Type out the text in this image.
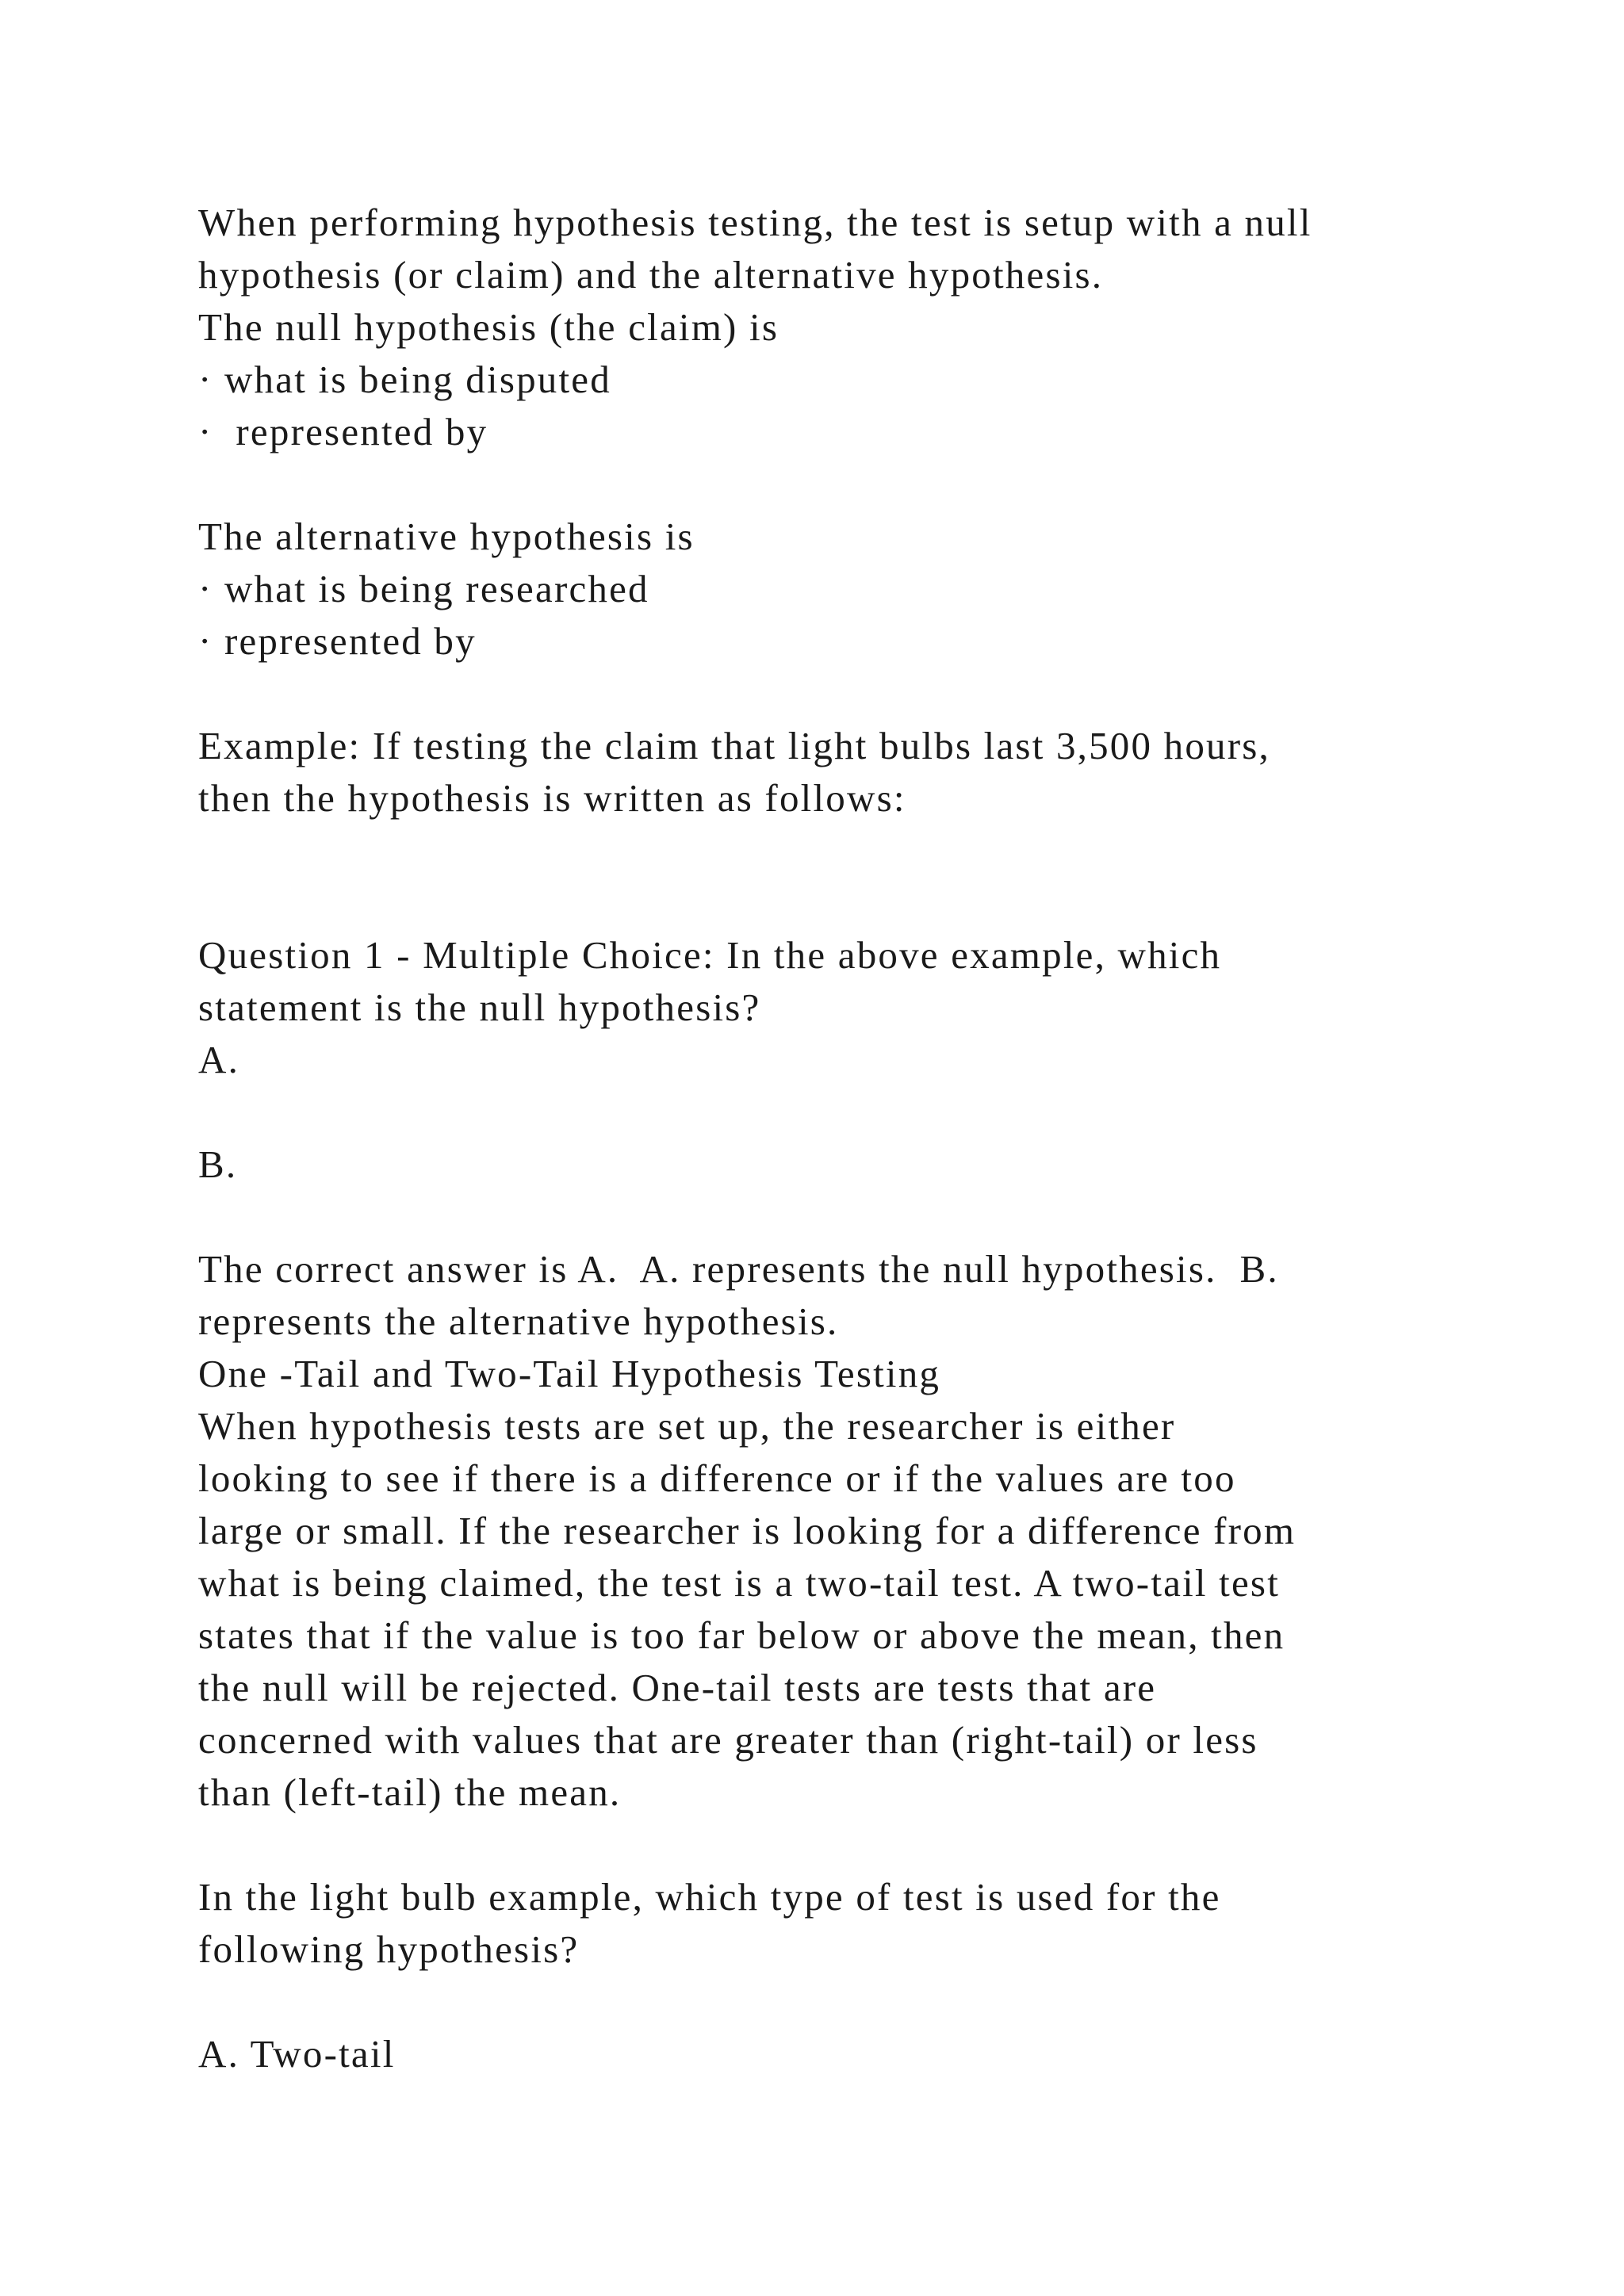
When performing hypothesis testing, the test is setup with a null
hypothesis (or claim) and the alternative hypothesis.
The null hypothesis (the claim) is
· what is being disputed
·  represented by
The alternative hypothesis is
· what is being researched
· represented by
Example: If testing the claim that light bulbs last 3,500 hours,
then the hypothesis is written as follows:
Question 1 - Multiple Choice: In the above example, which
statement is the null hypothesis?
A.
B.
The correct answer is A.  A. represents the null hypothesis.  B.
represents the alternative hypothesis.
One -Tail and Two-Tail Hypothesis Testing
When hypothesis tests are set up, the researcher is either
looking to see if there is a difference or if the values are too
large or small. If the researcher is looking for a difference from
what is being claimed, the test is a two-tail test. A two-tail test
states that if the value is too far below or above the mean, then
the null will be rejected. One-tail tests are tests that are
concerned with values that are greater than (right-tail) or less
than (left-tail) the mean.
In the light bulb example, which type of test is used for the
following hypothesis?
A. Two-tail
